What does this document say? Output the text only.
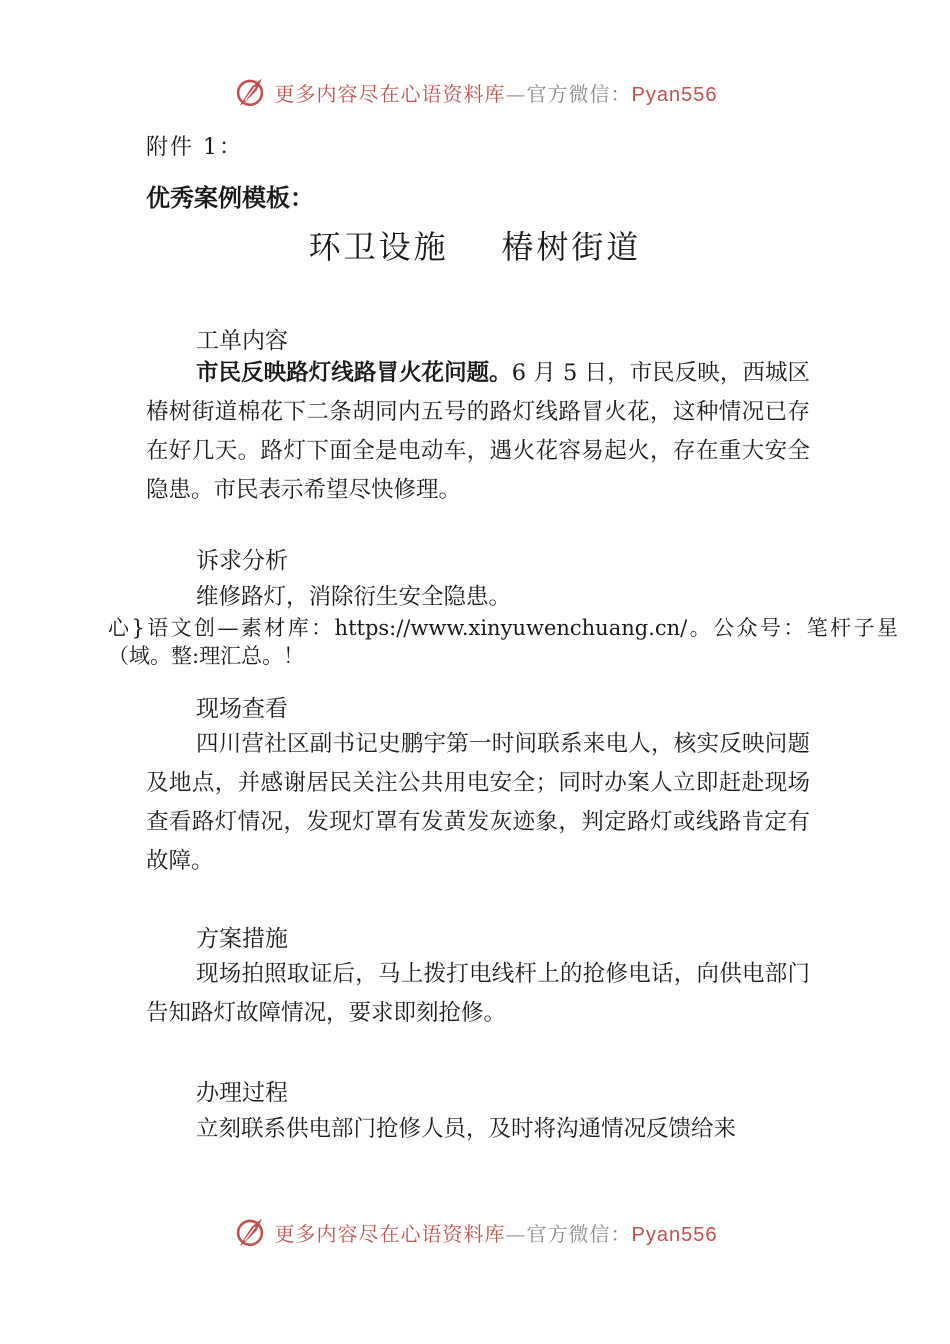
更多内容尽在心语资料库—官方微信：Pyan556
附件 1：
优秀案例模板：
环卫设施    椿树街道
工单内容
市民反映路灯线路冒火花问题。6 月 5 日，市民反映，西城区椿树街道棉花下二条胡同内五号的路灯线路冒火花，这种情况已存在好几天。路灯下面全是电动车，遇火花容易起火，存在重大安全隐患。市民表示希望尽快修理。
诉求分析
维修路灯，消除衍生安全隐患。
心}语文创—素材库：https://www.xinyuwenchuang.cn/。公众号：笔杆子星（域。整:理汇总。！
现场查看
四川营社区副书记史鹏宇第一时间联系来电人，核实反映问题及地点，并感谢居民关注公共用电安全；同时办案人立即赶赴现场查看路灯情况，发现灯罩有发黄发灰迹象，判定路灯或线路肯定有故障。
方案措施
现场拍照取证后，马上拨打电线杆上的抢修电话，向供电部门告知路灯故障情况，要求即刻抢修。
办理过程
立刻联系供电部门抢修人员，及时将沟通情况反馈给来
更多内容尽在心语资料库—官方微信：Pyan556
